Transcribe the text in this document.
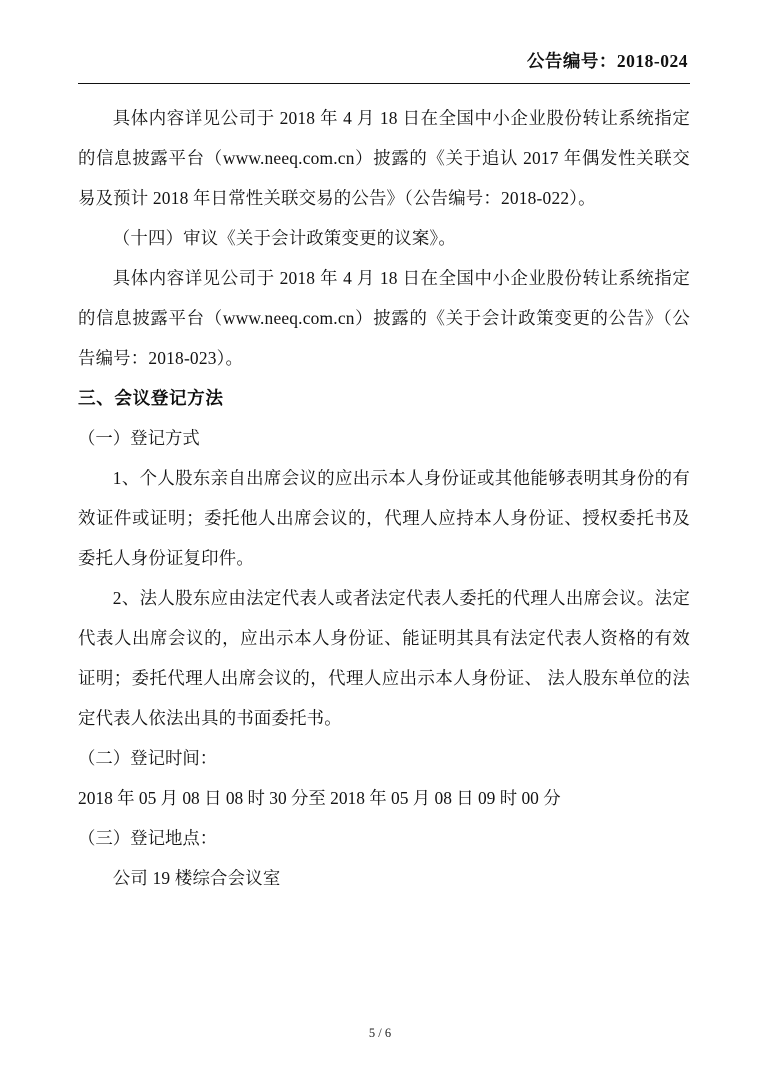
公告编号：2018-024

具体内容详见公司于 2018 年 4 月 18 日在全国中小企业股份转让系统指定的信息披露平台（www.neeq.com.cn）披露的《关于追认 2017 年偶发性关联交易及预计 2018 年日常性关联交易的公告》（公告编号：2018-022）。

（十四）审议《关于会计政策变更的议案》。

具体内容详见公司于 2018 年 4 月 18 日在全国中小企业股份转让系统指定的信息披露平台（www.neeq.com.cn）披露的《关于会计政策变更的公告》（公告编号：2018-023）。

三、会议登记方法

（一）登记方式

1、个人股东亲自出席会议的应出示本人身份证或其他能够表明其身份的有效证件或证明；委托他人出席会议的，代理人应持本人身份证、授权委托书及委托人身份证复印件。

2、法人股东应由法定代表人或者法定代表人委托的代理人出席会议。法定代表人出席会议的，应出示本人身份证、能证明其具有法定代表人资格的有效证明；委托代理人出席会议的，代理人应出示本人身份证、 法人股东单位的法定代表人依法出具的书面委托书。

（二）登记时间：

2018 年 05 月 08 日 08 时 30 分至 2018 年 05 月 08 日 09 时 00 分

（三）登记地点：

公司 19 楼综合会议室

5 / 6
